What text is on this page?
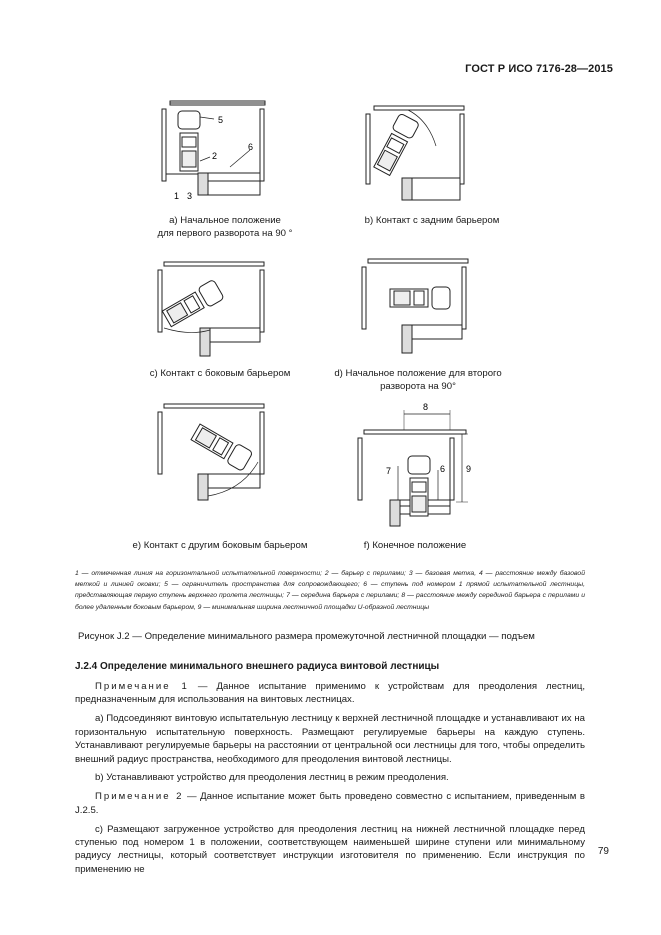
ГОСТ Р ИСО 7176-28—2015
5
2
6
1 3
а) Начальное положение
для первого разворота на 90 °
b) Контакт с задним барьером
c) Контакт с боковым барьером	d) Начальное положение для второго
разворота на 90°
e) Контакт с другим боковым барьером
8
9
7	6
f) Конечное положение
1 — отмеченная линия на горизонтальной испытательной поверхности; 2 — барьер с перилами; 3 — базовая метка, 4 — расстояние между базовой меткой и линией оковки; 5 — ограничитель пространства для сопровождающего; 6 — ступень под номером 1 прямой испытательной лестницы, представляющая первую ступень верхнего пролета лестницы; 7 — середина барьера с перилами; 8 — расстояние между серединой барьера с перилами и более удаленным боковым барьером, 9 — минимальная ширина лестничной площадки U-образной лестницы
Рисунок J.2 — Определение минимального размера промежуточной лестничной площадки — подъем
J.2.4 Определение минимального внешнего радиуса винтовой лестницы

Примечание 1 — Данное испытание применимо к устройствам для преодоления лестниц, предназначенным для использования на винтовых лестницах.

a) Подсоединяют винтовую испытательную лестницу к верхней лестничной площадке и устанавливают их на горизонтальную испытательную поверхность. Размещают регулируемые барьеры на каждую ступень. Устанавливают регулируемые барьеры на расстоянии от центральной оси лестницы для того, чтобы определить внешний радиус пространства, необходимого для преодоления винтовой лестницы.

b) Устанавливают устройство для преодоления лестниц в режим преодоления.

Примечание 2 — Данное испытание может быть проведено совместно с испытанием, приведенным в J.2.5.

c) Размещают загруженное устройство для преодоления лестниц на нижней лестничной площадке перед ступенью под номером 1 в положении, соответствующем наименьшей ширине ступени или минимальному радиусу лестницы, который соответствует инструкции изготовителя по применению. Если инструкция по применению не

79
